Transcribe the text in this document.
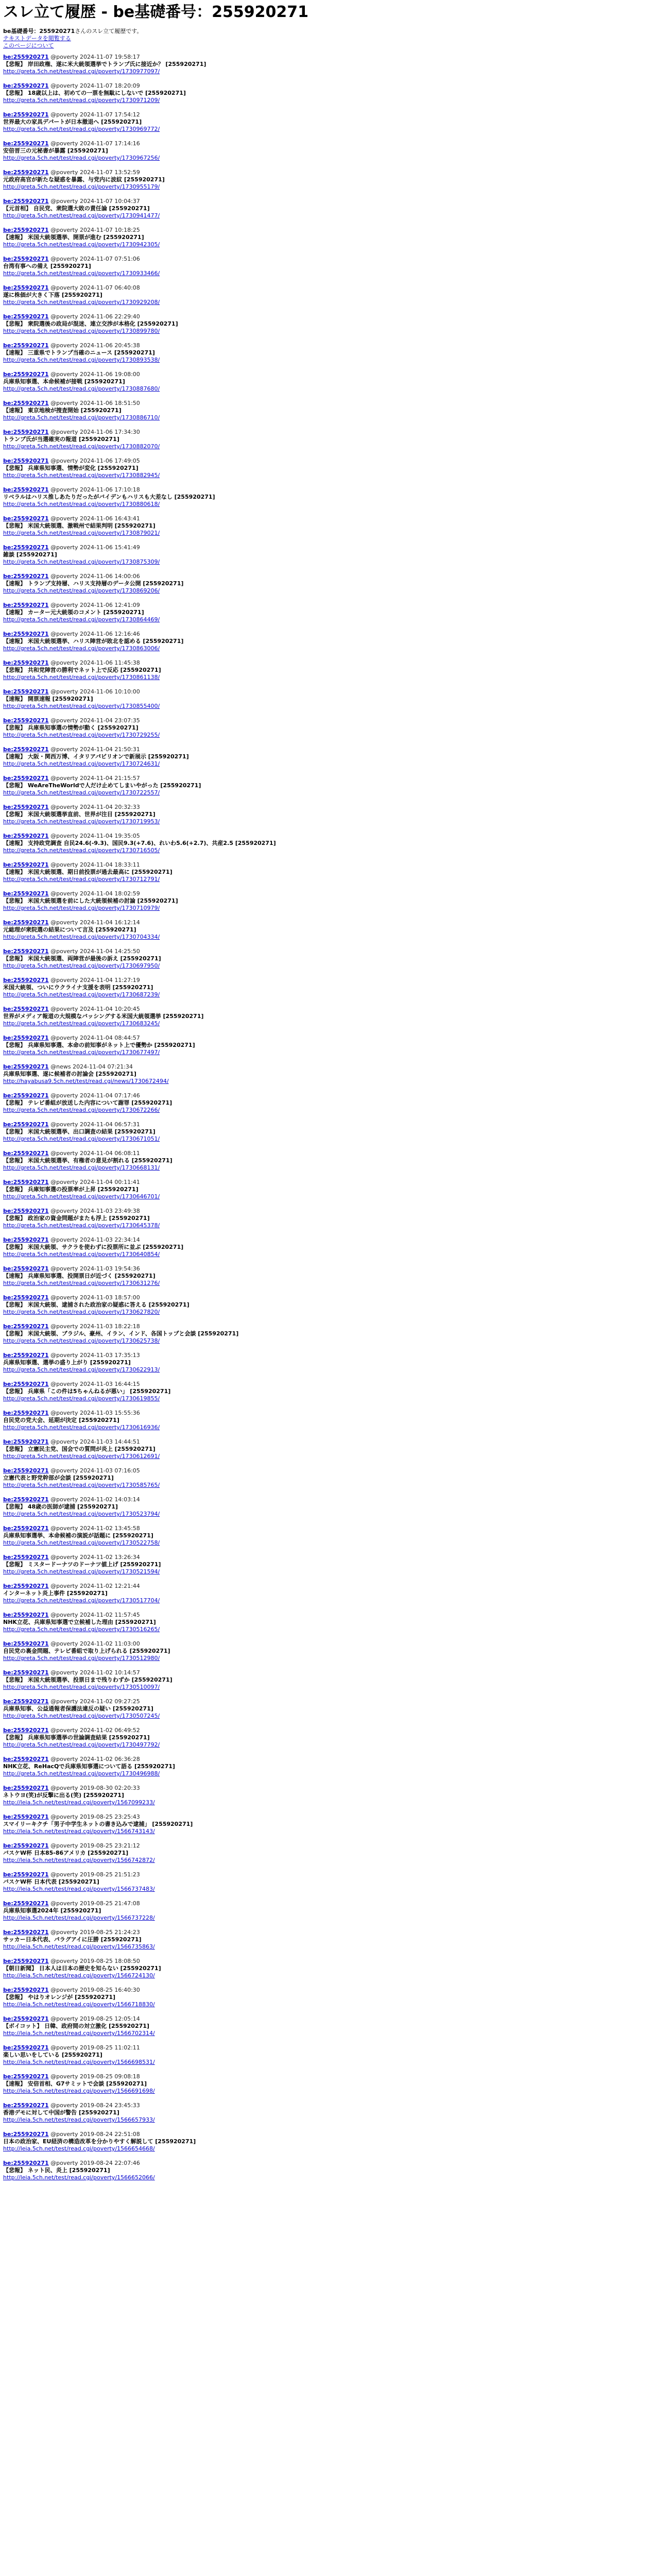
スレ立て履歴 - be基礎番号：255920271
be基礎番号：255920271さんのスレ立て履歴です。
テキストデータを閲覧する
このページについて
be:255920271 @poverty 2024-11-07 19:58:17
【悲報】 岸田政権、遂に米大統領選挙でトランプ氏に接近か？ [255920271]
http://greta.5ch.net/test/read.cgi/poverty/1730977097/
be:255920271 @poverty 2024-11-07 18:20:09
【悲報】 18歳以上は、初めての一票を無駄にしないで [255920271]
http://greta.5ch.net/test/read.cgi/poverty/1730971209/
be:255920271 @poverty 2024-11-07 17:54:12
世界最大の家具デパートが日本撤退へ [255920271]
http://greta.5ch.net/test/read.cgi/poverty/1730969772/
be:255920271 @poverty 2024-11-07 17:14:16
安倍晋三の元秘書が暴露 [255920271]
http://greta.5ch.net/test/read.cgi/poverty/1730967256/
be:255920271 @poverty 2024-11-07 13:52:59
元政府高官が新たな疑惑を暴露、与党内に波紋 [255920271]
http://greta.5ch.net/test/read.cgi/poverty/1730955179/
be:255920271 @poverty 2024-11-07 10:04:37
【元首相】 自民党、衆院選大敗の責任論 [255920271]
http://greta.5ch.net/test/read.cgi/poverty/1730941477/
be:255920271 @poverty 2024-11-07 10:18:25
【速報】 米国大統領選挙、開票が進む [255920271]
http://greta.5ch.net/test/read.cgi/poverty/1730942305/
be:255920271 @poverty 2024-11-07 07:51:06
台湾有事への備え [255920271]
http://greta.5ch.net/test/read.cgi/poverty/1730933466/
be:255920271 @poverty 2024-11-07 06:40:08
遂に株価が大きく下落 [255920271]
http://greta.5ch.net/test/read.cgi/poverty/1730929208/
be:255920271 @poverty 2024-11-06 22:29:40
【悲報】 衆院選後の政局が混迷、連立交渉が本格化 [255920271]
http://greta.5ch.net/test/read.cgi/poverty/1730899780/
be:255920271 @poverty 2024-11-06 20:45:38
【速報】 三重県でトランプ当確のニュース [255920271]
http://greta.5ch.net/test/read.cgi/poverty/1730893538/
be:255920271 @poverty 2024-11-06 19:08:00
兵庫県知事選、本命候補が接戦 [255920271]
http://greta.5ch.net/test/read.cgi/poverty/1730887680/
be:255920271 @poverty 2024-11-06 18:51:50
【速報】 東京地検が捜査開始 [255920271]
http://greta.5ch.net/test/read.cgi/poverty/1730886710/
be:255920271 @poverty 2024-11-06 17:34:30
トランプ氏が当選確実の報道 [255920271]
http://greta.5ch.net/test/read.cgi/poverty/1730882070/
be:255920271 @poverty 2024-11-06 17:49:05
【悲報】 兵庫県知事選、情勢が変化 [255920271]
http://greta.5ch.net/test/read.cgi/poverty/1730882945/
be:255920271 @poverty 2024-11-06 17:10:18
リベラルはハリス推しあたりだったがバイデンもハリスも大差なし [255920271]
http://greta.5ch.net/test/read.cgi/poverty/1730880618/
be:255920271 @poverty 2024-11-06 16:43:41
【悲報】 米国大統領選、激戦州で結果判明 [255920271]
http://greta.5ch.net/test/read.cgi/poverty/1730879021/
be:255920271 @poverty 2024-11-06 15:41:49
雑談 [255920271]
http://greta.5ch.net/test/read.cgi/poverty/1730875309/
be:255920271 @poverty 2024-11-06 14:00:06
【速報】 トランプ支持層、ハリス支持層のデータ公開 [255920271]
http://greta.5ch.net/test/read.cgi/poverty/1730869206/
be:255920271 @poverty 2024-11-06 12:41:09
【速報】 カーター元大統領のコメント [255920271]
http://greta.5ch.net/test/read.cgi/poverty/1730864469/
be:255920271 @poverty 2024-11-06 12:16:46
【速報】 米国大統領選挙、ハリス陣営が敗北を認める [255920271]
http://greta.5ch.net/test/read.cgi/poverty/1730863006/
be:255920271 @poverty 2024-11-06 11:45:38
【悲報】 共和党陣営の勝利でネット上で反応 [255920271]
http://greta.5ch.net/test/read.cgi/poverty/1730861138/
be:255920271 @poverty 2024-11-06 10:10:00
【速報】 開票速報 [255920271]
http://greta.5ch.net/test/read.cgi/poverty/1730855400/
be:255920271 @poverty 2024-11-04 23:07:35
【悲報】 兵庫県知事選の情勢が動く [255920271]
http://greta.5ch.net/test/read.cgi/poverty/1730729255/
be:255920271 @poverty 2024-11-04 21:50:31
【速報】 大阪・関西万博、イタリアパビリオンで新展示 [255920271]
http://greta.5ch.net/test/read.cgi/poverty/1730724631/
be:255920271 @poverty 2024-11-04 21:15:57
【悲報】 WeAreTheWorldで人だけ止めてしまいやがった [255920271]
http://greta.5ch.net/test/read.cgi/poverty/1730722557/
be:255920271 @poverty 2024-11-04 20:32:33
【悲報】 米国大統領選挙直前、世界が注目 [255920271]
http://greta.5ch.net/test/read.cgi/poverty/1730719953/
be:255920271 @poverty 2024-11-04 19:35:05
【速報】 支持政党調査 自民24.6(-9.3)、国民9.3(+7.6)、れいわ5.6(+2.7)、共産2.5 [255920271]
http://greta.5ch.net/test/read.cgi/poverty/1730716505/
be:255920271 @poverty 2024-11-04 18:33:11
【速報】 米国大統領選、期日前投票が過去最高に [255920271]
http://greta.5ch.net/test/read.cgi/poverty/1730712791/
be:255920271 @poverty 2024-11-04 18:02:59
【悲報】 米国大統領選を前にした大統領候補の討論 [255920271]
http://greta.5ch.net/test/read.cgi/poverty/1730710979/
be:255920271 @poverty 2024-11-04 16:12:14
元総理が衆院選の結果について言及 [255920271]
http://greta.5ch.net/test/read.cgi/poverty/1730704334/
be:255920271 @poverty 2024-11-04 14:25:50
【悲報】 米国大統領選、両陣営が最後の訴え [255920271]
http://greta.5ch.net/test/read.cgi/poverty/1730697950/
be:255920271 @poverty 2024-11-04 11:27:19
米国大統領、ついにウクライナ支援を表明 [255920271]
http://greta.5ch.net/test/read.cgi/poverty/1730687239/
be:255920271 @poverty 2024-11-04 10:20:45
世界がメディア報道の大規模なバッシングする米国大統領選挙 [255920271]
http://greta.5ch.net/test/read.cgi/poverty/1730683245/
be:255920271 @poverty 2024-11-04 08:44:57
【悲報】 兵庫県知事選、本命の前知事がネット上で優勢か [255920271]
http://greta.5ch.net/test/read.cgi/poverty/1730677497/
be:255920271 @news 2024-11-04 07:21:34
兵庫県知事選、遂に候補者の討論会 [255920271]
http://hayabusa9.5ch.net/test/read.cgi/news/1730672494/
be:255920271 @poverty 2024-11-04 07:17:46
【悲報】 テレビ番組が放送した内容について謝罪 [255920271]
http://greta.5ch.net/test/read.cgi/poverty/1730672266/
be:255920271 @poverty 2024-11-04 06:57:31
【悲報】 米国大統領選挙、出口調査の結果 [255920271]
http://greta.5ch.net/test/read.cgi/poverty/1730671051/
be:255920271 @poverty 2024-11-04 06:08:11
【悲報】 米国大統領選挙、有権者の意見が割れる [255920271]
http://greta.5ch.net/test/read.cgi/poverty/1730668131/
be:255920271 @poverty 2024-11-04 00:11:41
【悲報】 兵庫知事選の投票率が上昇 [255920271]
http://greta.5ch.net/test/read.cgi/poverty/1730646701/
be:255920271 @poverty 2024-11-03 23:49:38
【悲報】 政治家の資金問題がまたも浮上 [255920271]
http://greta.5ch.net/test/read.cgi/poverty/1730645378/
be:255920271 @poverty 2024-11-03 22:34:14
【悲報】 米国大統領、サクラを使わずに投票所に並ぶ [255920271]
http://greta.5ch.net/test/read.cgi/poverty/1730640854/
be:255920271 @poverty 2024-11-03 19:54:36
【速報】 兵庫県知事選、投開票日が近づく [255920271]
http://greta.5ch.net/test/read.cgi/poverty/1730631276/
be:255920271 @poverty 2024-11-03 18:57:00
【悲報】 米国大統領、逮捕された政治家の疑惑に答える [255920271]
http://greta.5ch.net/test/read.cgi/poverty/1730627820/
be:255920271 @poverty 2024-11-03 18:22:18
【悲報】 米国大統領、ブラジル、豪州、イラン、インド、各国トップと会談 [255920271]
http://greta.5ch.net/test/read.cgi/poverty/1730625738/
be:255920271 @poverty 2024-11-03 17:35:13
兵庫県知事選、選挙の盛り上がり [255920271]
http://greta.5ch.net/test/read.cgi/poverty/1730622913/
be:255920271 @poverty 2024-11-03 16:44:15
【悲報】 兵庫県「この件は5ちゃんねるが悪い」 [255920271]
http://greta.5ch.net/test/read.cgi/poverty/1730619855/
be:255920271 @poverty 2024-11-03 15:55:36
自民党の党大会、延期が決定 [255920271]
http://greta.5ch.net/test/read.cgi/poverty/1730616936/
be:255920271 @poverty 2024-11-03 14:44:51
【悲報】 立憲民主党、国会での質問が炎上 [255920271]
http://greta.5ch.net/test/read.cgi/poverty/1730612691/
be:255920271 @poverty 2024-11-03 07:16:05
立憲代表と野党幹部が会談 [255920271]
http://greta.5ch.net/test/read.cgi/poverty/1730585765/
be:255920271 @poverty 2024-11-02 14:03:14
【悲報】 48歳の医師が逮捕 [255920271]
http://greta.5ch.net/test/read.cgi/poverty/1730523794/
be:255920271 @poverty 2024-11-02 13:45:58
兵庫県知事選挙、本命候補の演説が話題に [255920271]
http://greta.5ch.net/test/read.cgi/poverty/1730522758/
be:255920271 @poverty 2024-11-02 13:26:34
【悲報】 ミスタードーナツのドーナツ値上げ [255920271]
http://greta.5ch.net/test/read.cgi/poverty/1730521594/
be:255920271 @poverty 2024-11-02 12:21:44
インターネット炎上事件 [255920271]
http://greta.5ch.net/test/read.cgi/poverty/1730517704/
be:255920271 @poverty 2024-11-02 11:57:45
NHK立花、兵庫県知事選で立候補した理由 [255920271]
http://greta.5ch.net/test/read.cgi/poverty/1730516265/
be:255920271 @poverty 2024-11-02 11:03:00
自民党の裏金問題、テレビ番組で取り上げられる [255920271]
http://greta.5ch.net/test/read.cgi/poverty/1730512980/
be:255920271 @poverty 2024-11-02 10:14:57
【悲報】 米国大統領選挙、投票日まで残りわずか [255920271]
http://greta.5ch.net/test/read.cgi/poverty/1730510097/
be:255920271 @poverty 2024-11-02 09:27:25
兵庫県知事、公益通報者保護法違反の疑い [255920271]
http://greta.5ch.net/test/read.cgi/poverty/1730507245/
be:255920271 @poverty 2024-11-02 06:49:52
【悲報】 兵庫県知事選挙の世論調査結果 [255920271]
http://greta.5ch.net/test/read.cgi/poverty/1730497792/
be:255920271 @poverty 2024-11-02 06:36:28
NHK立花、ReHacQで兵庫県知事選について語る [255920271]
http://greta.5ch.net/test/read.cgi/poverty/1730496988/
be:255920271 @poverty 2019-08-30 02:20:33
ネトウヨ(笑)が反撃に出る(笑) [255920271]
http://leia.5ch.net/test/read.cgi/poverty/1567099233/
be:255920271 @poverty 2019-08-25 23:25:43
スマイリーキクチ「男子中学生ネットの書き込みで逮捕」 [255920271]
http://leia.5ch.net/test/read.cgi/poverty/1566743143/
be:255920271 @poverty 2019-08-25 23:21:12
バスケW杯 日本85-86アメリカ [255920271]
http://leia.5ch.net/test/read.cgi/poverty/1566742872/
be:255920271 @poverty 2019-08-25 21:51:23
バスケW杯 日本代表 [255920271]
http://leia.5ch.net/test/read.cgi/poverty/1566737483/
be:255920271 @poverty 2019-08-25 21:47:08
兵庫県知事選2024年 [255920271]
http://leia.5ch.net/test/read.cgi/poverty/1566737228/
be:255920271 @poverty 2019-08-25 21:24:23
サッカー日本代表、パラグアイに圧勝 [255920271]
http://leia.5ch.net/test/read.cgi/poverty/1566735863/
be:255920271 @poverty 2019-08-25 18:08:50
【朝日新聞】 日本人は日本の歴史を知らない [255920271]
http://leia.5ch.net/test/read.cgi/poverty/1566724130/
be:255920271 @poverty 2019-08-25 16:40:30
【悲報】 やはりオレンジが [255920271]
http://leia.5ch.net/test/read.cgi/poverty/1566718830/
be:255920271 @poverty 2019-08-25 12:05:14
【ボイコット】 日韓、政府間の対立激化 [255920271]
http://leia.5ch.net/test/read.cgi/poverty/1566702314/
be:255920271 @poverty 2019-08-25 11:02:11
楽しい思いをしている [255920271]
http://leia.5ch.net/test/read.cgi/poverty/1566698531/
be:255920271 @poverty 2019-08-25 09:08:18
【速報】 安倍首相、G7サミットで会談 [255920271]
http://leia.5ch.net/test/read.cgi/poverty/1566691698/
be:255920271 @poverty 2019-08-24 23:45:33
香港デモに対して中国が警告 [255920271]
http://leia.5ch.net/test/read.cgi/poverty/1566657933/
be:255920271 @poverty 2019-08-24 22:51:08
日本の政治家、EU経済の構造改革を分かりやすく解説して [255920271]
http://leia.5ch.net/test/read.cgi/poverty/1566654668/
be:255920271 @poverty 2019-08-24 22:07:46
【悲報】 ネット民、炎上 [255920271]
http://leia.5ch.net/test/read.cgi/poverty/1566652066/
